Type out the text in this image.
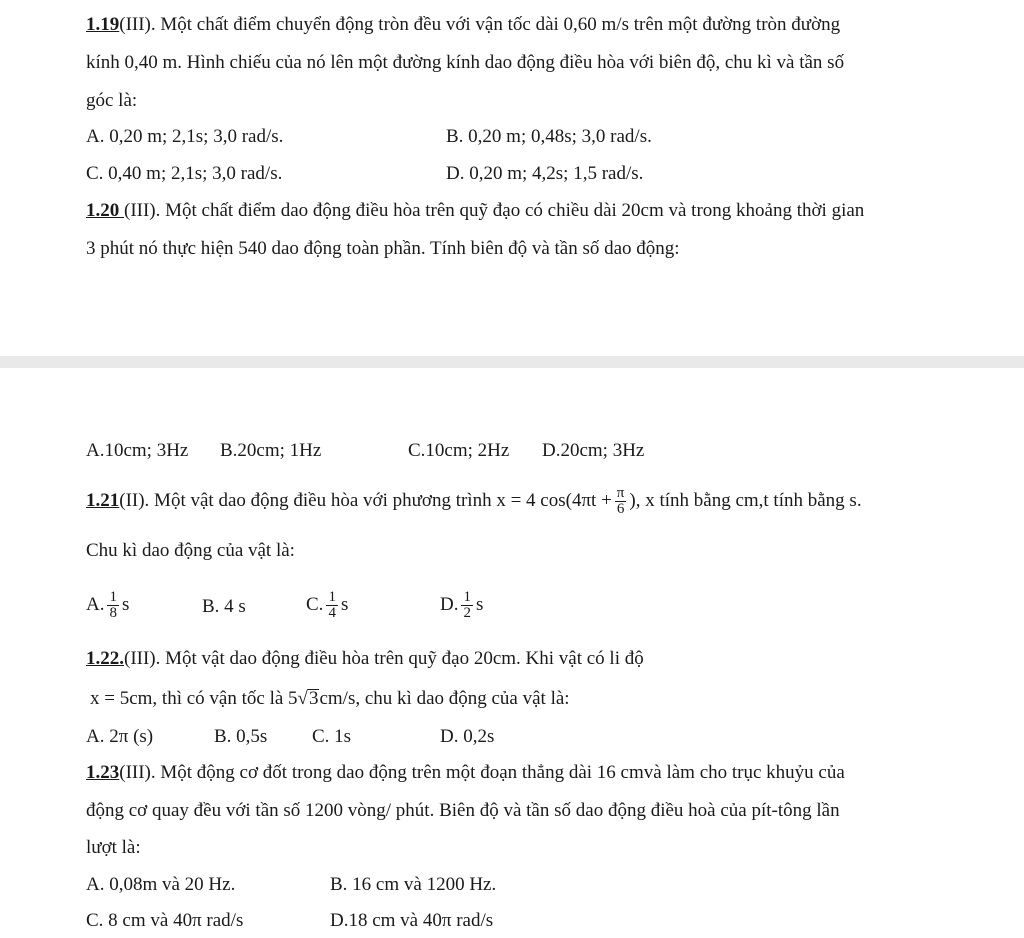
1.19(III). Một chất điểm chuyển động tròn đều với vận tốc dài 0,60 m/s trên một đường tròn đường
kính 0,40 m. Hình chiếu của nó lên một đường kính dao động điều hòa với biên độ, chu kì và tần số
góc là:
A. 0,20 m; 2,1s; 3,0 rad/s.	B. 0,20 m; 0,48s; 3,0 rad/s.
C. 0,40 m; 2,1s; 3,0 rad/s.	D. 0,20 m; 4,2s; 1,5 rad/s.
1.20 (III). Một chất điểm dao động điều hòa trên quỹ đạo có chiều dài 20cm và trong khoảng thời gian
3 phút nó thực hiện 540 dao động toàn phần. Tính biên độ và tần số dao động:
A.10cm; 3Hz B.20cm; 1Hz	C.10cm; 2Hz D.20cm; 3Hz
1.21(II). Một vật dao động điều hòa với phương trình x = 4 $\cos(4\pi t + \frac{\pi}{6}$ ), x tính bằng cm,t tính bằng s.
Chu kì dao động của vật là:
A. $\frac{1}{8}$ s	B. 4 s	C. $\frac{1}{4}$ s	D. $\frac{1}{2}$ s
1.22.(III). Một vật dao động điều hòa trên quỹ đạo 20cm. Khi vật có li độ
x = 5cm, thì có vận tốc là 5√3cm/s, chu kì dao động của vật là:
A. 2π (s)	B. 0,5s C. 1s	D. 0,2s
1.23(III). Một động cơ đốt trong dao động trên một đoạn thẳng dài 16 cmvà làm cho trục khuỷu của
động cơ quay đều với tần số 1200 vòng/ phút. Biên độ và tần số dao động điều hoà của pít-tông lần
lượt là:
A. 0,08m và 20 Hz.	B. 16 cm và 1200 Hz.
C. 8 cm và 40π rad/s	D.18 cm và 40π rad/s
